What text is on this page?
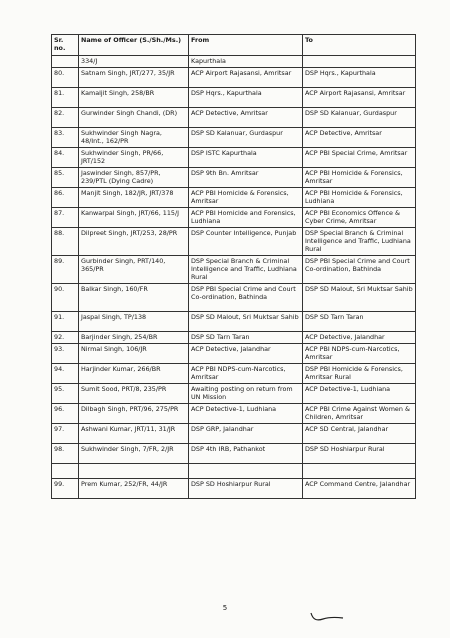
Sr. no.	Name of Officer (S./Sh./Ms.)	From	To
	334/J	Kapurthala	
80.	Satnam Singh, JRT/277, 35/JR	ACP Airport Rajasansi, Amritsar	DSP Hqrs., Kapurthala
81.	Kamaljit Singh, 258/BR	DSP Hqrs., Kapurthala	ACP Airport Rajasansi, Amritsar
82.	Gurwinder Singh Chandi, (DR)	ACP Detective, Amritsar	DSP SD Kalanuar, Gurdaspur
83.	Sukhwinder Singh Nagra, 48/Int., 162/PR	DSP SD Kalanuar, Gurdaspur	ACP Detective, Amritsar
84.	Sukhwinder Singh, PR/66, JRT/152	DSP ISTC Kapurthala	ACP PBI Special Crime, Amritsar
85.	Jaswinder Singh, 857/PR, 239/PTL (Dying Cadre)	DSP 9th Bn. Amritsar	ACP PBI Homicide & Forensics, Amritsar
86.	Manjit Singh, 182/JR, JRT/378	ACP PBI Homicide & Forensics, Amritsar	ACP PBI Homicide & Forensics, Ludhiana
87.	Kanwarpal Singh, JRT/66, 115/J	ACP PBI Homicide and Forensics, Ludhiana	ACP PBI Economics Offence & Cyber Crime, Amritsar
88.	Dilpreet Singh, JRT/253, 28/PR	DSP Counter Intelligence, Punjab	DSP Special Branch & Criminal Intelligence and Traffic, Ludhiana Rural
89.	Gurbinder Singh, PRT/140, 365/PR	DSP Special Branch & Criminal Intelligence and Traffic, Ludhiana Rural	DSP PBI Special Crime and Court Co-ordination, Bathinda
90.	Balkar Singh, 160/FR	DSP PBI Special Crime and Court Co-ordination, Bathinda	DSP SD Malout, Sri Muktsar Sahib
91.	Jaspal Singh, TP/138	DSP SD Malout, Sri Muktsar Sahib	DSP SD Tarn Taran
92.	Barjinder Singh, 254/BR	DSP SD Tarn Taran	ACP Detective, Jalandhar
93.	Nirmal Singh, 106/JR	ACP Detective, Jalandhar	ACP PBI NDPS-cum-Narcotics, Amritsar
94.	Harjinder Kumar, 266/BR	ACP PBI NDPS-cum-Narcotics, Amritsar	DSP PBI Homicide & Forensics, Amritsar Rural
95.	Sumit Sood, PRT/8, 235/PR	Awaiting posting on return from UN Mission	ACP Detective-1, Ludhiana
96.	Dilbagh Singh, PRT/96, 275/PR	ACP Detective-1, Ludhiana	ACP PBI Crime Against Women & Children, Amritsar
97.	Ashwani Kumar, JRT/11, 31/JR	DSP GRP, Jalandhar	ACP SD Central, Jalandhar
98.	Sukhwinder Singh, 7/FR, 2/JR	DSP 4th IRB, Pathankot	DSP SD Hoshiarpur Rural

99.	Prem Kumar, 252/FR, 44/JR	DSP SD Hoshiarpur Rural	ACP Command Centre, Jalandhar
5
